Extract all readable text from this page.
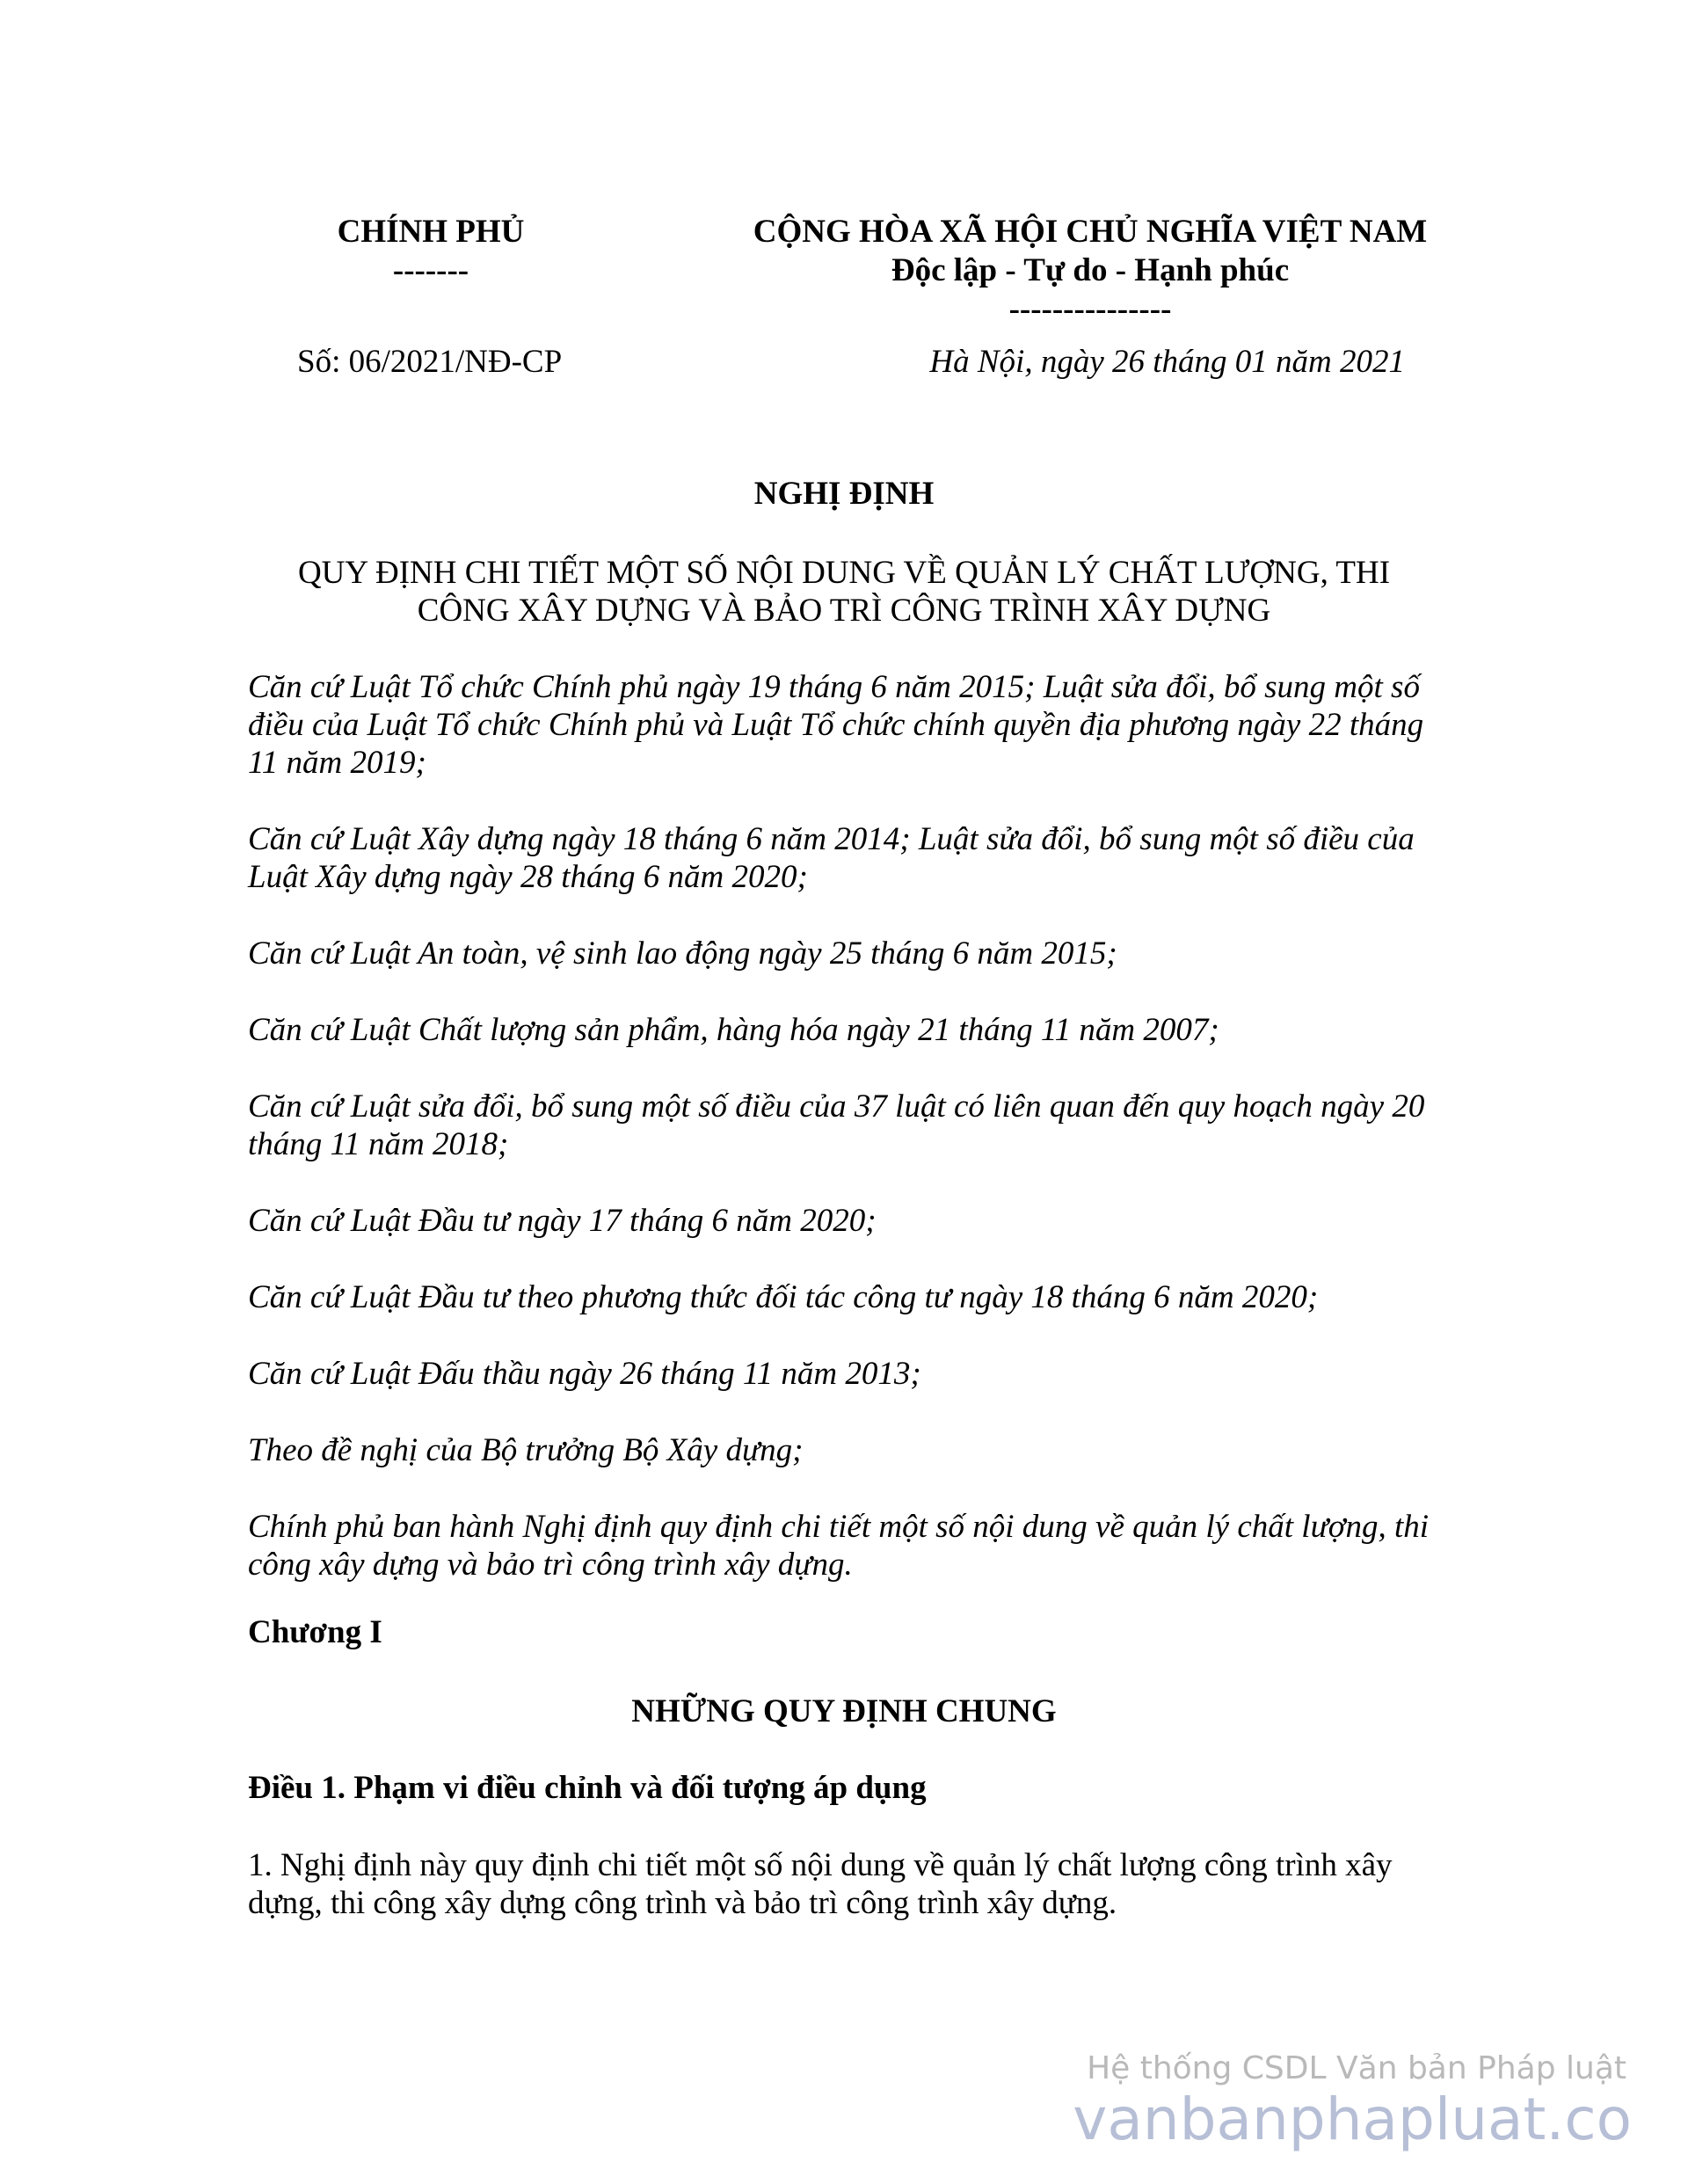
CHÍNH PHỦ
-------
CỘNG HÒA XÃ HỘI CHỦ NGHĨA VIỆT NAM
Độc lập - Tự do - Hạnh phúc
---------------
Số: 06/2021/NĐ-CP	Hà Nội, ngày 26 tháng 01 năm 2021
NGHỊ ĐỊNH
QUY ĐỊNH CHI TIẾT MỘT SỐ NỘI DUNG VỀ QUẢN LÝ CHẤT LƯỢNG, THI
CÔNG XÂY DỰNG VÀ BẢO TRÌ CÔNG TRÌNH XÂY DỰNG

Căn cứ Luật Tổ chức Chính phủ ngày 19 tháng 6 năm 2015; Luật sửa đổi, bổ sung một số điều của Luật Tổ chức Chính phủ và Luật Tổ chức chính quyền địa phương ngày 22 tháng 11 năm 2019;

Căn cứ Luật Xây dựng ngày 18 tháng 6 năm 2014; Luật sửa đổi, bổ sung một số điều của Luật Xây dựng ngày 28 tháng 6 năm 2020;

Căn cứ Luật An toàn, vệ sinh lao động ngày 25 tháng 6 năm 2015;

Căn cứ Luật Chất lượng sản phẩm, hàng hóa ngày 21 tháng 11 năm 2007;

Căn cứ Luật sửa đổi, bổ sung một số điều của 37 luật có liên quan đến quy hoạch ngày 20 tháng 11 năm 2018;

Căn cứ Luật Đầu tư ngày 17 tháng 6 năm 2020;

Căn cứ Luật Đầu tư theo phương thức đối tác công tư ngày 18 tháng 6 năm 2020;

Căn cứ Luật Đấu thầu ngày 26 tháng 11 năm 2013;

Theo đề nghị của Bộ trưởng Bộ Xây dựng;

Chính phủ ban hành Nghị định quy định chi tiết một số nội dung về quản lý chất lượng, thi công xây dựng và bảo trì công trình xây dựng.

Chương I
NHỮNG QUY ĐỊNH CHUNG
Điều 1. Phạm vi điều chỉnh và đối tượng áp dụng

1. Nghị định này quy định chi tiết một số nội dung về quản lý chất lượng công trình xây dựng, thi công xây dựng công trình và bảo trì công trình xây dựng.

Hệ thống CSDL Văn bản Pháp luật
vanbanphapluat.co
